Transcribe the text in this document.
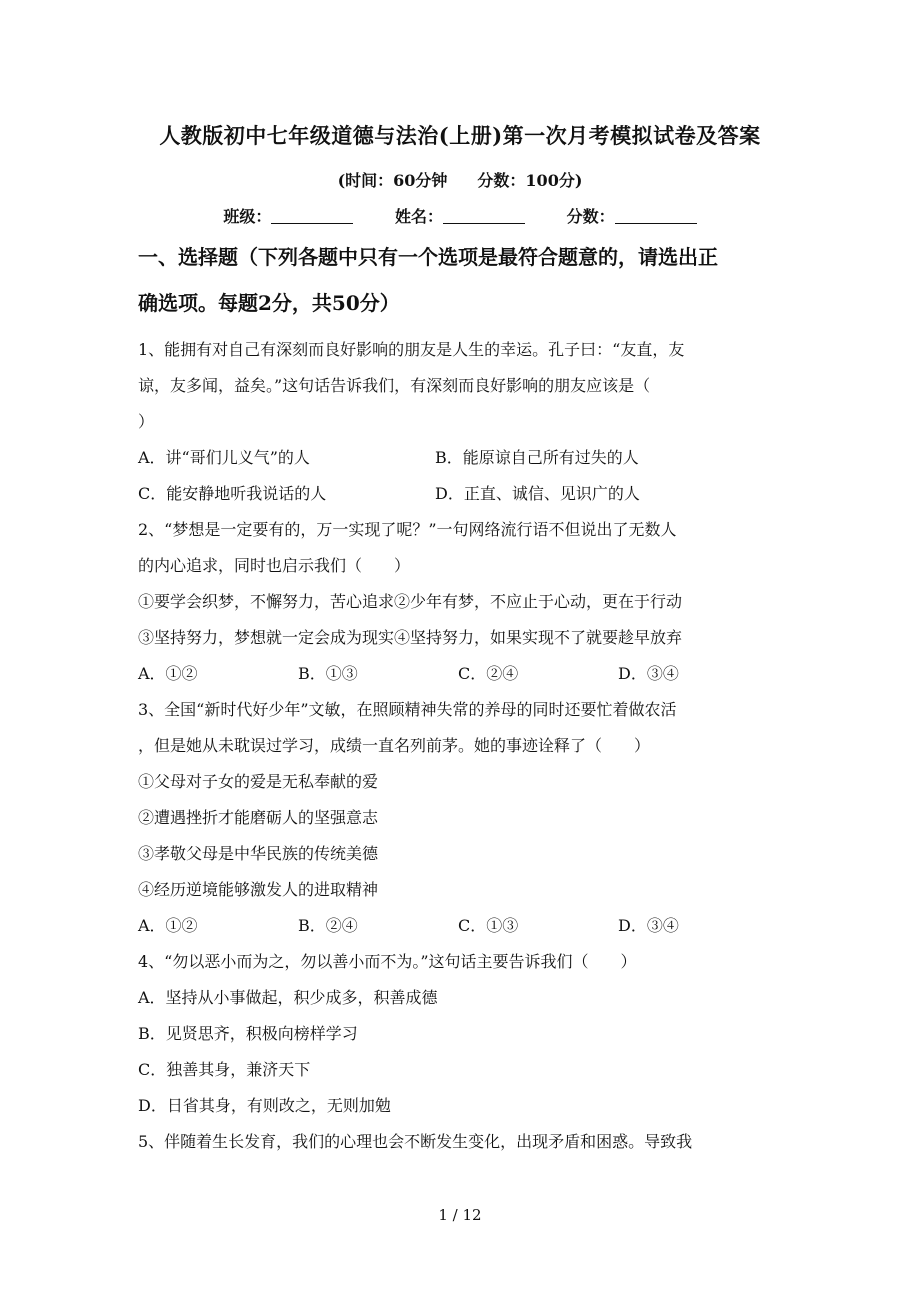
人教版初中七年级道德与法治(上册)第一次月考模拟试卷及答案
(时间：60分钟 分数：100分)
班级：	姓名：	分数：
一、选择题（下列各题中只有一个选项是最符合题意的，请选出正
确选项。每题2分，共50分）
1、能拥有对自己有深刻而良好影响的朋友是人生的幸运。孔子曰：“友直，友
谅，友多闻，益矣。”这句话告诉我们，有深刻而良好影响的朋友应该是（
）
A．讲“哥们儿义气”的人	B．能原谅自己所有过失的人
C．能安静地听我说话的人	D．正直、诚信、见识广的人
2、“梦想是一定要有的，万一实现了呢？”一句网络流行语不但说出了无数人
的内心追求，同时也启示我们（　　）
①要学会织梦，不懈努力，苦心追求②少年有梦，不应止于心动，更在于行动
③坚持努力，梦想就一定会成为现实④坚持努力，如果实现不了就要趁早放弃
A．①②	B．①③	C．②④	D．③④
3、全国“新时代好少年”文敏，在照顾精神失常的养母的同时还要忙着做农活
，但是她从未耽误过学习，成绩一直名列前茅。她的事迹诠释了（　　）
①父母对子女的爱是无私奉献的爱
②遭遇挫折才能磨砺人的坚强意志
③孝敬父母是中华民族的传统美德
④经历逆境能够激发人的进取精神
A．①②	B．②④	C．①③	D．③④
4、“勿以恶小而为之，勿以善小而不为。”这句话主要告诉我们（　　）
A．坚持从小事做起，积少成多，积善成德
B．见贤思齐，积极向榜样学习
C．独善其身，兼济天下
D．日省其身，有则改之，无则加勉
5、伴随着生长发育，我们的心理也会不断发生变化，出现矛盾和困惑。导致我
1 / 12
